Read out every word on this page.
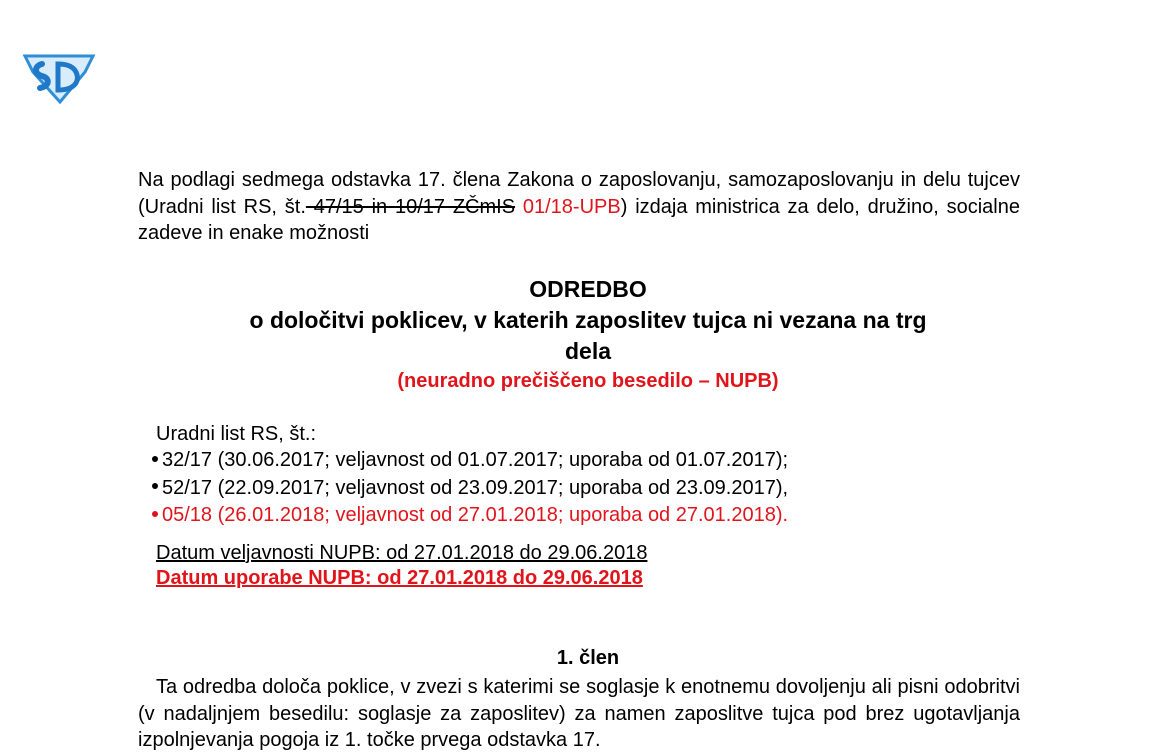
Na podlagi sedmega odstavka 17. člena Zakona o zaposlovanju, samozaposlovanju in delu tujcev (Uradni list RS, št. 47/15 in 10/17 ZČmIS 01/18-UPB) izdaja ministrica za delo, družino, socialne zadeve in enake možnosti
ODREDBO
o določitvi poklicev, v katerih zaposlitev tujca ni vezana na trg
dela
(neuradno prečiščeno besedilo – NUPB)
Uradni list RS, št.:
32/17 (30.06.2017; veljavnost od 01.07.2017; uporaba od 01.07.2017);
52/17 (22.09.2017; veljavnost od 23.09.2017; uporaba od 23.09.2017),
05/18 (26.01.2018; veljavnost od 27.01.2018; uporaba od 27.01.2018).
Datum veljavnosti NUPB: od 27.01.2018 do 29.06.2018
Datum uporabe NUPB: od 27.01.2018 do 29.06.2018
1. člen
Ta odredba določa poklice, v zvezi s katerimi se soglasje k enotnemu dovoljenju ali pisni odobritvi (v nadaljnjem besedilu: soglasje za zaposlitev) za namen zaposlitve tujca pod brez ugotavljanja izpolnjevanja pogoja iz 1. točke prvega odstavka 17.
